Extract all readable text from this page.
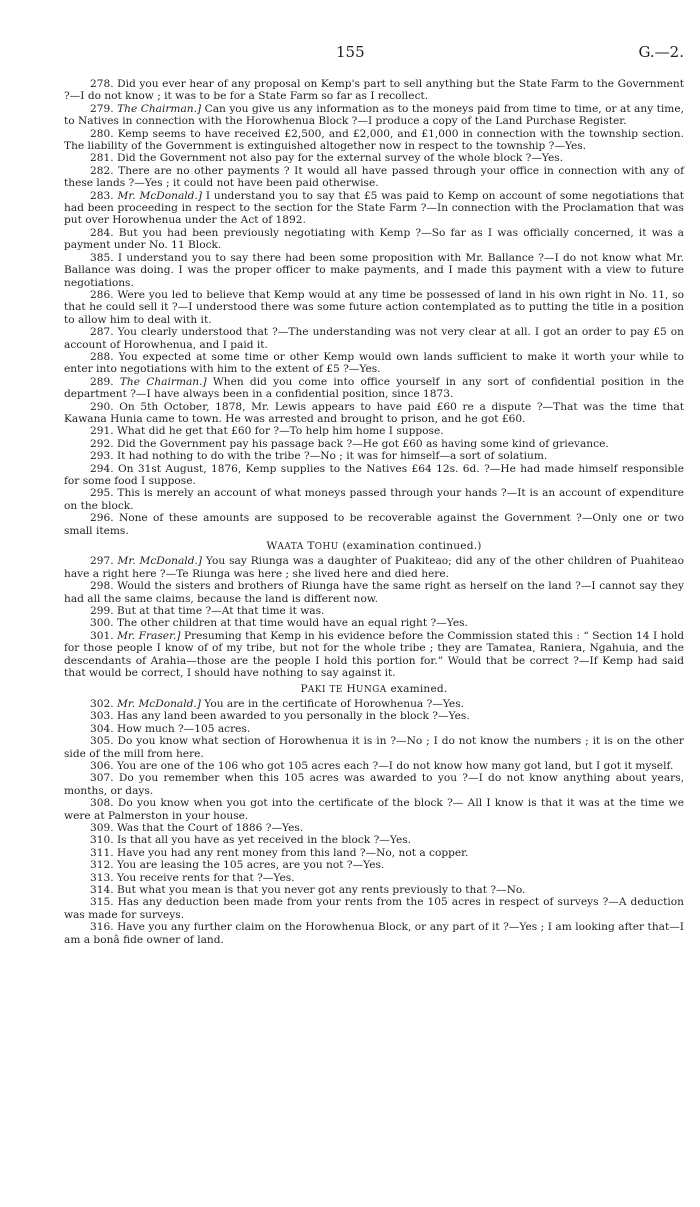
155	G.—2.

278. Did you ever hear of any proposal on Kemp's part to sell anything but the State Farm to the Government ?—I do not know ; it was to be for a State Farm so far as I recollect.

279. The Chairman.] Can you give us any information as to the moneys paid from time to time, or at any time, to Natives in connection with the Horowhenua Block ?—I produce a copy of the Land Purchase Register.

280. Kemp seems to have received £2,500, and £2,000, and £1,000 in connection with the township section. The liability of the Government is extinguished altogether now in respect to the township ?—Yes.

281. Did the Government not also pay for the external survey of the whole block ?—Yes.

282. There are no other payments ? It would all have passed through your office in connection with any of these lands ?—Yes ; it could not have been paid otherwise.

283. Mr. McDonald.] I understand you to say that £5 was paid to Kemp on account of some negotiations that had been proceeding in respect to the section for the State Farm ?—In connection with the Proclamation that was put over Horowhenua under the Act of 1892.

284. But you had been previously negotiating with Kemp ?—So far as I was officially concerned, it was a payment under No. 11 Block.

385. I understand you to say there had been some proposition with Mr. Ballance ?—I do not know what Mr. Ballance was doing. I was the proper officer to make payments, and I made this payment with a view to future negotiations.

286. Were you led to believe that Kemp would at any time be possessed of land in his own right in No. 11, so that he could sell it ?—I understood there was some future action contemplated as to putting the title in a position to allow him to deal with it.

287. You clearly understood that ?—The understanding was not very clear at all. I got an order to pay £5 on account of Horowhenua, and I paid it.

288. You expected at some time or other Kemp would own lands sufficient to make it worth your while to enter into negotiations with him to the extent of £5 ?—Yes.

289. The Chairman.] When did you come into office yourself in any sort of confidential position in the department ?—I have always been in a confidential position, since 1873.

290. On 5th October, 1878, Mr. Lewis appears to have paid £60 re a dispute ?—That was the time that Kawana Hunia came to town. He was arrested and brought to prison, and he got £60.

291. What did he get that £60 for ?—To help him home I suppose.

292. Did the Government pay his passage back ?—He got £60 as having some kind of grievance.

293. It had nothing to do with the tribe ?—No ; it was for himself—a sort of solatium.

294. On 31st August, 1876, Kemp supplies to the Natives £64 12s. 6d. ?—He had made himself responsible for some food I suppose.

295. This is merely an account of what moneys passed through your hands ?—It is an account of expenditure on the block.

296. None of these amounts are supposed to be recoverable against the Government ?—Only one or two small items.

WAATA TOHU (examination continued.)

297. Mr. McDonald.] You say Riunga was a daughter of Puakiteao; did any of the other children of Puahiteao have a right here ?—Te Riunga was here ; she lived here and died here.

298. Would the sisters and brothers of Riunga have the same right as herself on the land ?—I cannot say they had all the same claims, because the land is different now.

299. But at that time ?—At that time it was.

300. The other children at that time would have an equal right ?—Yes.

301. Mr. Fraser.] Presuming that Kemp in his evidence before the Commission stated this : “ Section 14 I hold for those people I know of of my tribe, but not for the whole tribe ; they are Tamatea, Raniera, Ngahuia, and the descendants of Arahia—those are the people I hold this portion for.” Would that be correct ?—If Kemp had said that would be correct, I should have nothing to say against it.

PAKI TE HUNGA examined.

302. Mr. McDonald.] You are in the certificate of Horowhenua ?—Yes.

303. Has any land been awarded to you personally in the block ?—Yes.

304. How much ?—105 acres.

305. Do you know what section of Horowhenua it is in ?—No ; I do not know the numbers ; it is on the other side of the mill from here.

306. You are one of the 106 who got 105 acres each ?—I do not know how many got land, but I got it myself.

307. Do you remember when this 105 acres was awarded to you ?—I do not know anything about years, months, or days.

308. Do you know when you got into the certificate of the block ?— All I know is that it was at the time we were at Palmerston in your house.

309. Was that the Court of 1886 ?—Yes.

310. Is that all you have as yet received in the block ?—Yes.

311. Have you had any rent money from this land ?—No, not a copper.

312. You are leasing the 105 acres, are you not ?—Yes.

313. You receive rents for that ?—Yes.

314. But what you mean is that you never got any rents previously to that ?—No.

315. Has any deduction been made from your rents from the 105 acres in respect of surveys ?—A deduction was made for surveys.

316. Have you any further claim on the Horowhenua Block, or any part of it ?—Yes ; I am looking after that—I am a bonâ fide owner of land.
